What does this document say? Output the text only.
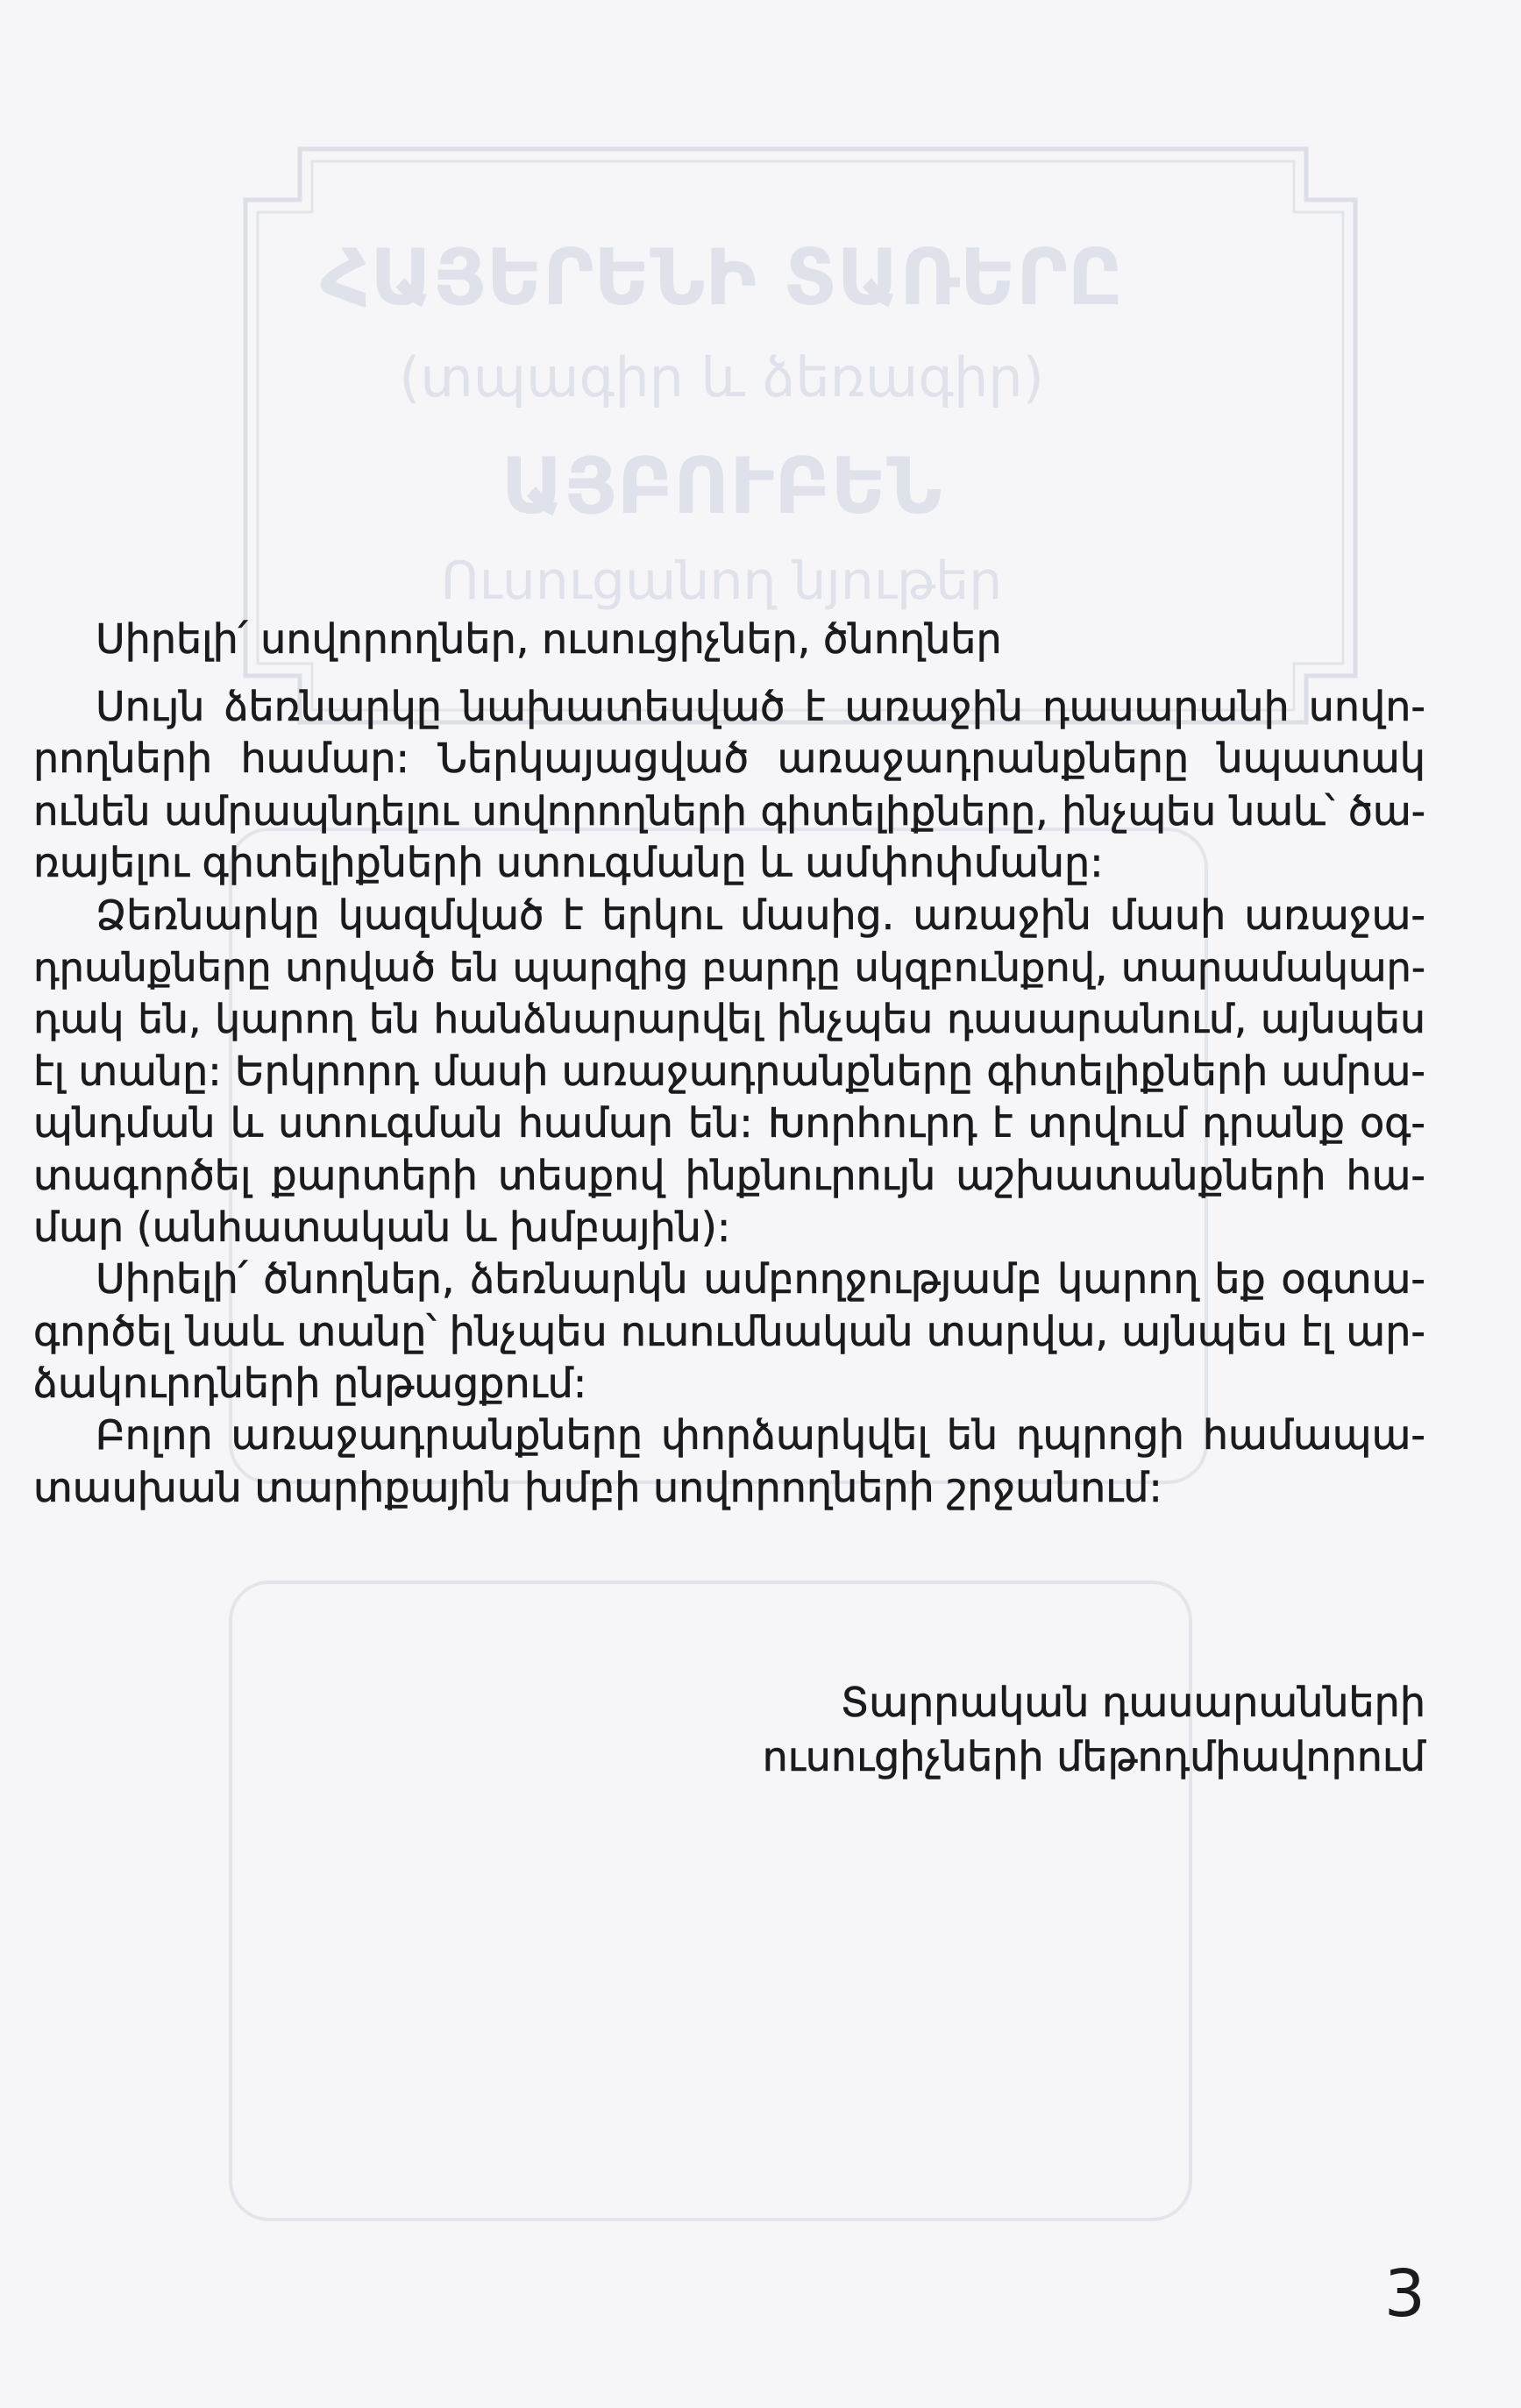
ՀԱՅԵՐԵՆԻ ՏԱՌԵՐԸ
(տպագիր և ձեռագիր)
ԱՅԲՈՒԲԵՆ
Ուսուցանող նյութեր
Սիրելի՛ սովորողներ, ուսուցիչներ, ծնողներ
Սույն ձեռնարկը նախատեսված է առաջին դասարանի սովո-
րողների համար: Ներկայացված առաջադրանքները նպատակ
ունեն ամրապնդելու սովորողների գիտելիքները, ինչպես նաև՝ ծա-
ռայելու գիտելիքների ստուգմանը և ամփոփմանը:
Ձեռնարկը կազմված է երկու մասից. առաջին մասի առաջա-
դրանքները տրված են պարզից բարդը սկզբունքով, տարամակար-
դակ են, կարող են հանձնարարվել ինչպես դասարանում, այնպես
էլ տանը: Երկրորդ մասի առաջադրանքները գիտելիքների ամրա-
պնդման և ստուգման համար են: Խորհուրդ է տրվում դրանք օգ-
տագործել քարտերի տեսքով ինքնուրույն աշխատանքների հա-
մար (անհատական և խմբային):
Սիրելի՛ ծնողներ, ձեռնարկն ամբողջությամբ կարող եք օգտա-
գործել նաև տանը՝ ինչպես ուսումնական տարվա, այնպես էլ ար-
ձակուրդների ընթացքում:
Բոլոր առաջադրանքները փորձարկվել են դպրոցի համապա-
տասխան տարիքային խմբի սովորողների շրջանում:
Տարրական դասարանների
ուսուցիչների մեթոդմիավորում
3
